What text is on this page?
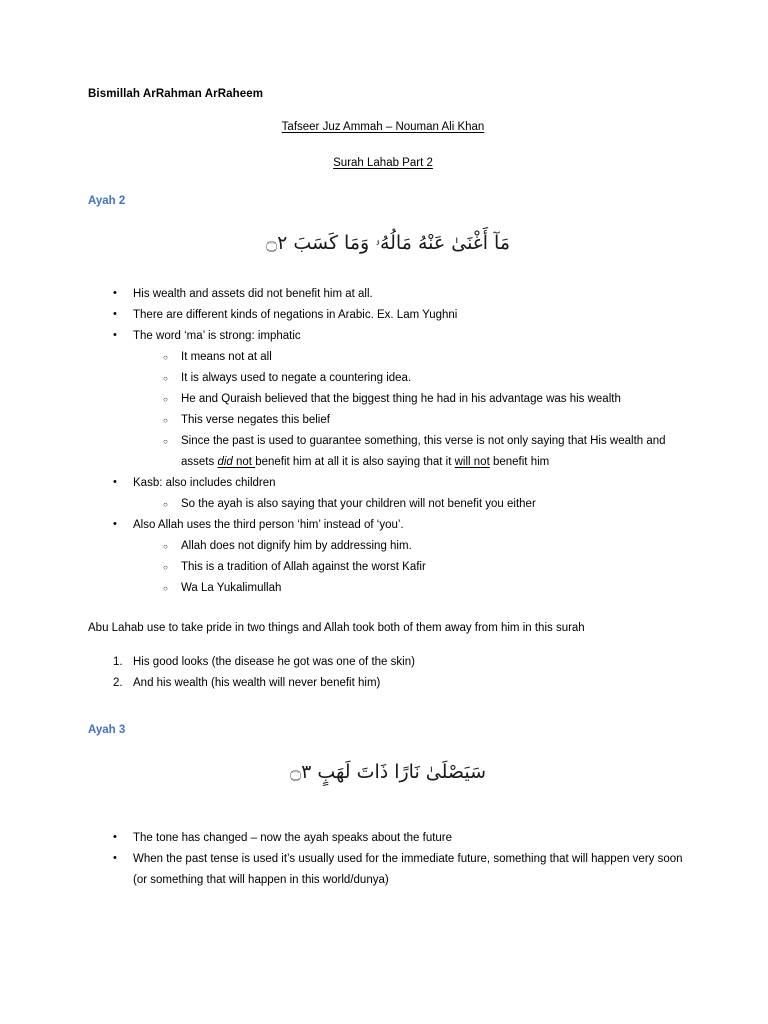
Bismillah ArRahman ArRaheem
Tafseer Juz Ammah – Nouman Ali Khan
Surah Lahab Part 2
Ayah 2
مَآ أَغْنَىٰ عَنْهُ مَالُهُۥ وَمَا كَسَبَ ۝٢
• His wealth and assets did not benefit him at all.
• There are different kinds of negations in Arabic. Ex. Lam Yughni
• The word ‘ma’ is strong: imphatic
○ It means not at all
○ It is always used to negate a countering idea.
○ He and Quraish believed that the biggest thing he had in his advantage was his wealth
○ This verse negates this belief
○ Since the past is used to guarantee something, this verse is not only saying that His wealth and assets did not benefit him at all it is also saying that it will not benefit him
• Kasb: also includes children
○ So the ayah is also saying that your children will not benefit you either
• Also Allah uses the third person ‘him’ instead of ‘you’.
○ Allah does not dignify him by addressing him.
○ This is a tradition of Allah against the worst Kafir
○ Wa La Yukalimullah
Abu Lahab use to take pride in two things and Allah took both of them away from him in this surah
1. His good looks (the disease he got was one of the skin)
2. And his wealth (his wealth will never benefit him)
Ayah 3
سَيَصْلَىٰ نَارًا ذَاتَ لَهَبٍ ۝٣
• The tone has changed – now the ayah speaks about the future
• When the past tense is used it’s usually used for the immediate future, something that will happen very soon (or something that will happen in this world/dunya)
